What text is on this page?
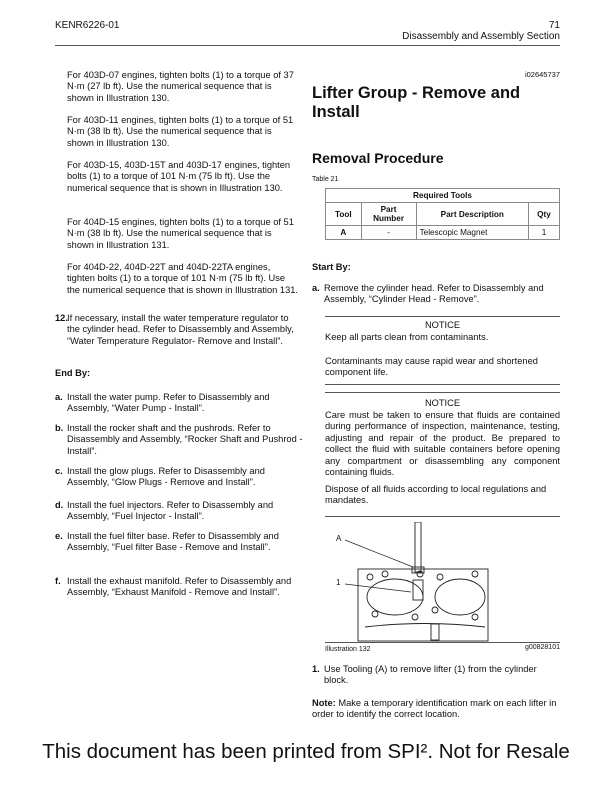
KENR6226-01	71
Disassembly and Assembly Section
For 403D-07 engines, tighten bolts (1) to a torque of 37 N·m (27 lb ft). Use the numerical sequence that is shown in Illustration 130.
For 403D-11 engines, tighten bolts (1) to a torque of 51 N·m (38 lb ft). Use the numerical sequence that is shown in Illustration 130.
For 403D-15, 403D-15T and 403D-17 engines, tighten bolts (1) to a torque of 101 N·m (75 lb ft). Use the numerical sequence that is shown in Illustration 130.
For 404D-15 engines, tighten bolts (1) to a torque of 51 N·m (38 lb ft). Use the numerical sequence that is shown in Illustration 131.
For 404D-22, 404D-22T and 404D-22TA engines, tighten bolts (1) to a torque of 101 N·m (75 lb ft). Use the numerical sequence that is shown in Illustration 131.
12. If necessary, install the water temperature regulator to the cylinder head. Refer to Disassembly and Assembly, “Water Temperature Regulator- Remove and Install”.
End By:
a. Install the water pump. Refer to Disassembly and Assembly, “Water Pump - Install”.
b. Install the rocker shaft and the pushrods. Refer to Disassembly and Assembly, “Rocker Shaft and Pushrod - Install”.
c. Install the glow plugs. Refer to Disassembly and Assembly, “Glow Plugs - Remove and Install”.
d. Install the fuel injectors. Refer to Disassembly and Assembly, “Fuel Injector - Install”.
e. Install the fuel filter base. Refer to Disassembly and Assembly, “Fuel filter Base - Remove and Install”.
f. Install the exhaust manifold. Refer to Disassembly and Assembly, “Exhaust Manifold - Remove and Install”.
i02645737
Lifter Group - Remove and Install
Removal Procedure
Table 21
Required Tools			
Tool	Part Number	Part Description	Qty
A	-	Telescopic Magnet	1
Start By:
a. Remove the cylinder head. Refer to Disassembly and Assembly, “Cylinder Head - Remove”.
NOTICE
Keep all parts clean from contaminants.
Contaminants may cause rapid wear and shortened component life.
NOTICE
Care must be taken to ensure that fluids are contained during performance of inspection, maintenance, testing, adjusting and repair of the product. Be prepared to collect the fluid with suitable containers before opening any compartment or disassembling any component containing fluids.
Dispose of all fluids according to local regulations and mandates.
A
1
Illustration 132	g00828101
1. Use Tooling (A) to remove lifter (1) from the cylinder block.
Note: Make a temporary identification mark on each lifter in order to identify the correct location.
This document has been printed from SPI². Not for Resale
